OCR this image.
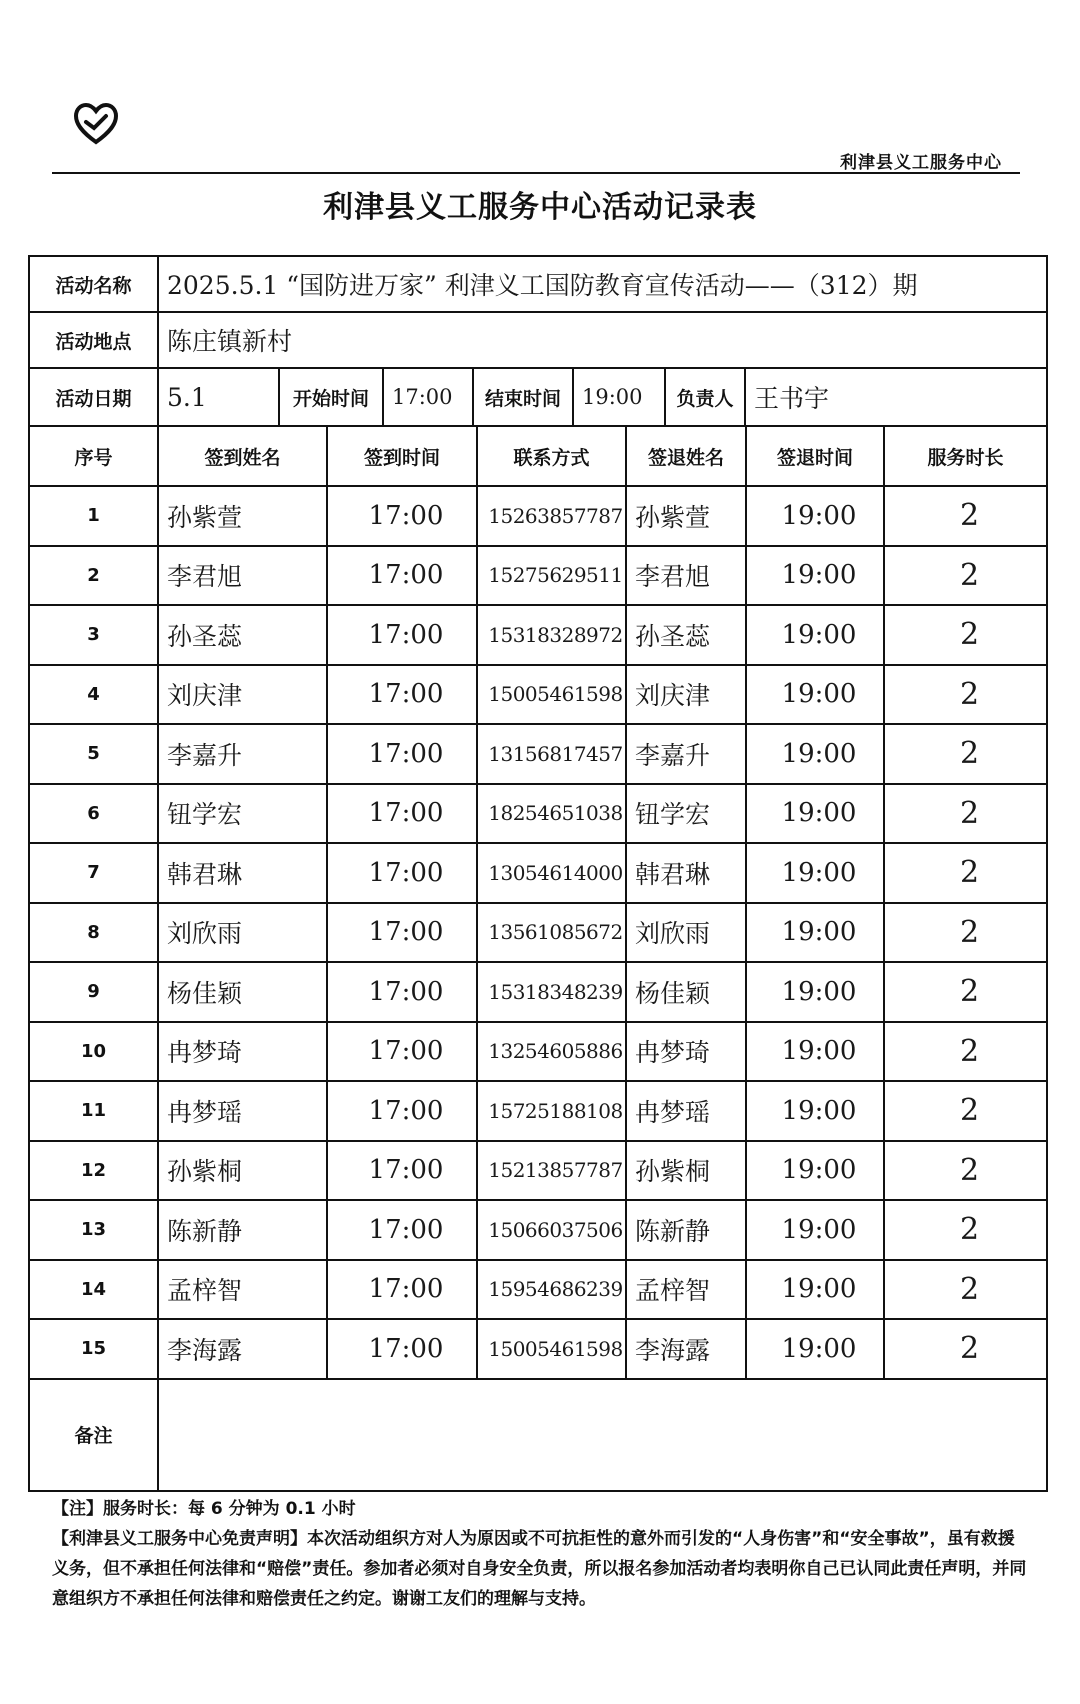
利津县义工服务中心
利津县义工服务中心活动记录表
活动名称	2025.5.1 “国防进万家” 利津义工国防教育宣传活动——（312）期
活动地点	陈庄镇新村
活动日期	5.1	开始时间	17:00	结束时间	19:00	负责人	王书宇

序号	签到姓名	签到时间	联系方式	签退姓名	签退时间	服务时长
1	孙紫萱	17:00	15263857787	孙紫萱	19:00	2
2	李君旭	17:00	15275629511	李君旭	19:00	2
3	孙圣蕊	17:00	15318328972	孙圣蕊	19:00	2
4	刘庆津	17:00	15005461598	刘庆津	19:00	2
5	李嘉升	17:00	13156817457	李嘉升	19:00	2
6	钮学宏	17:00	18254651038	钮学宏	19:00	2
7	韩君琳	17:00	13054614000	韩君琳	19:00	2
8	刘欣雨	17:00	13561085672	刘欣雨	19:00	2
9	杨佳颖	17:00	15318348239	杨佳颖	19:00	2
10	冉梦琦	17:00	13254605886	冉梦琦	19:00	2
11	冉梦瑶	17:00	15725188108	冉梦瑶	19:00	2
12	孙紫桐	17:00	15213857787	孙紫桐	19:00	2
13	陈新静	17:00	15066037506	陈新静	19:00	2
14	孟梓智	17:00	15954686239	孟梓智	19:00	2
15	李海露	17:00	15005461598	李海露	19:00	2
备注	
【注】服务时长：每 6 分钟为 0.1 小时
【利津县义工服务中心免责声明】本次活动组织方对人为原因或不可抗拒性的意外而引发的“人身伤害”和“安全事故”，虽有救援义务，但不承担任何法律和“赔偿”责任。参加者必须对自身安全负责，所以报名参加活动者均表明你自己已认同此责任声明，并同意组织方不承担任何法律和赔偿责任之约定。谢谢工友们的理解与支持。
